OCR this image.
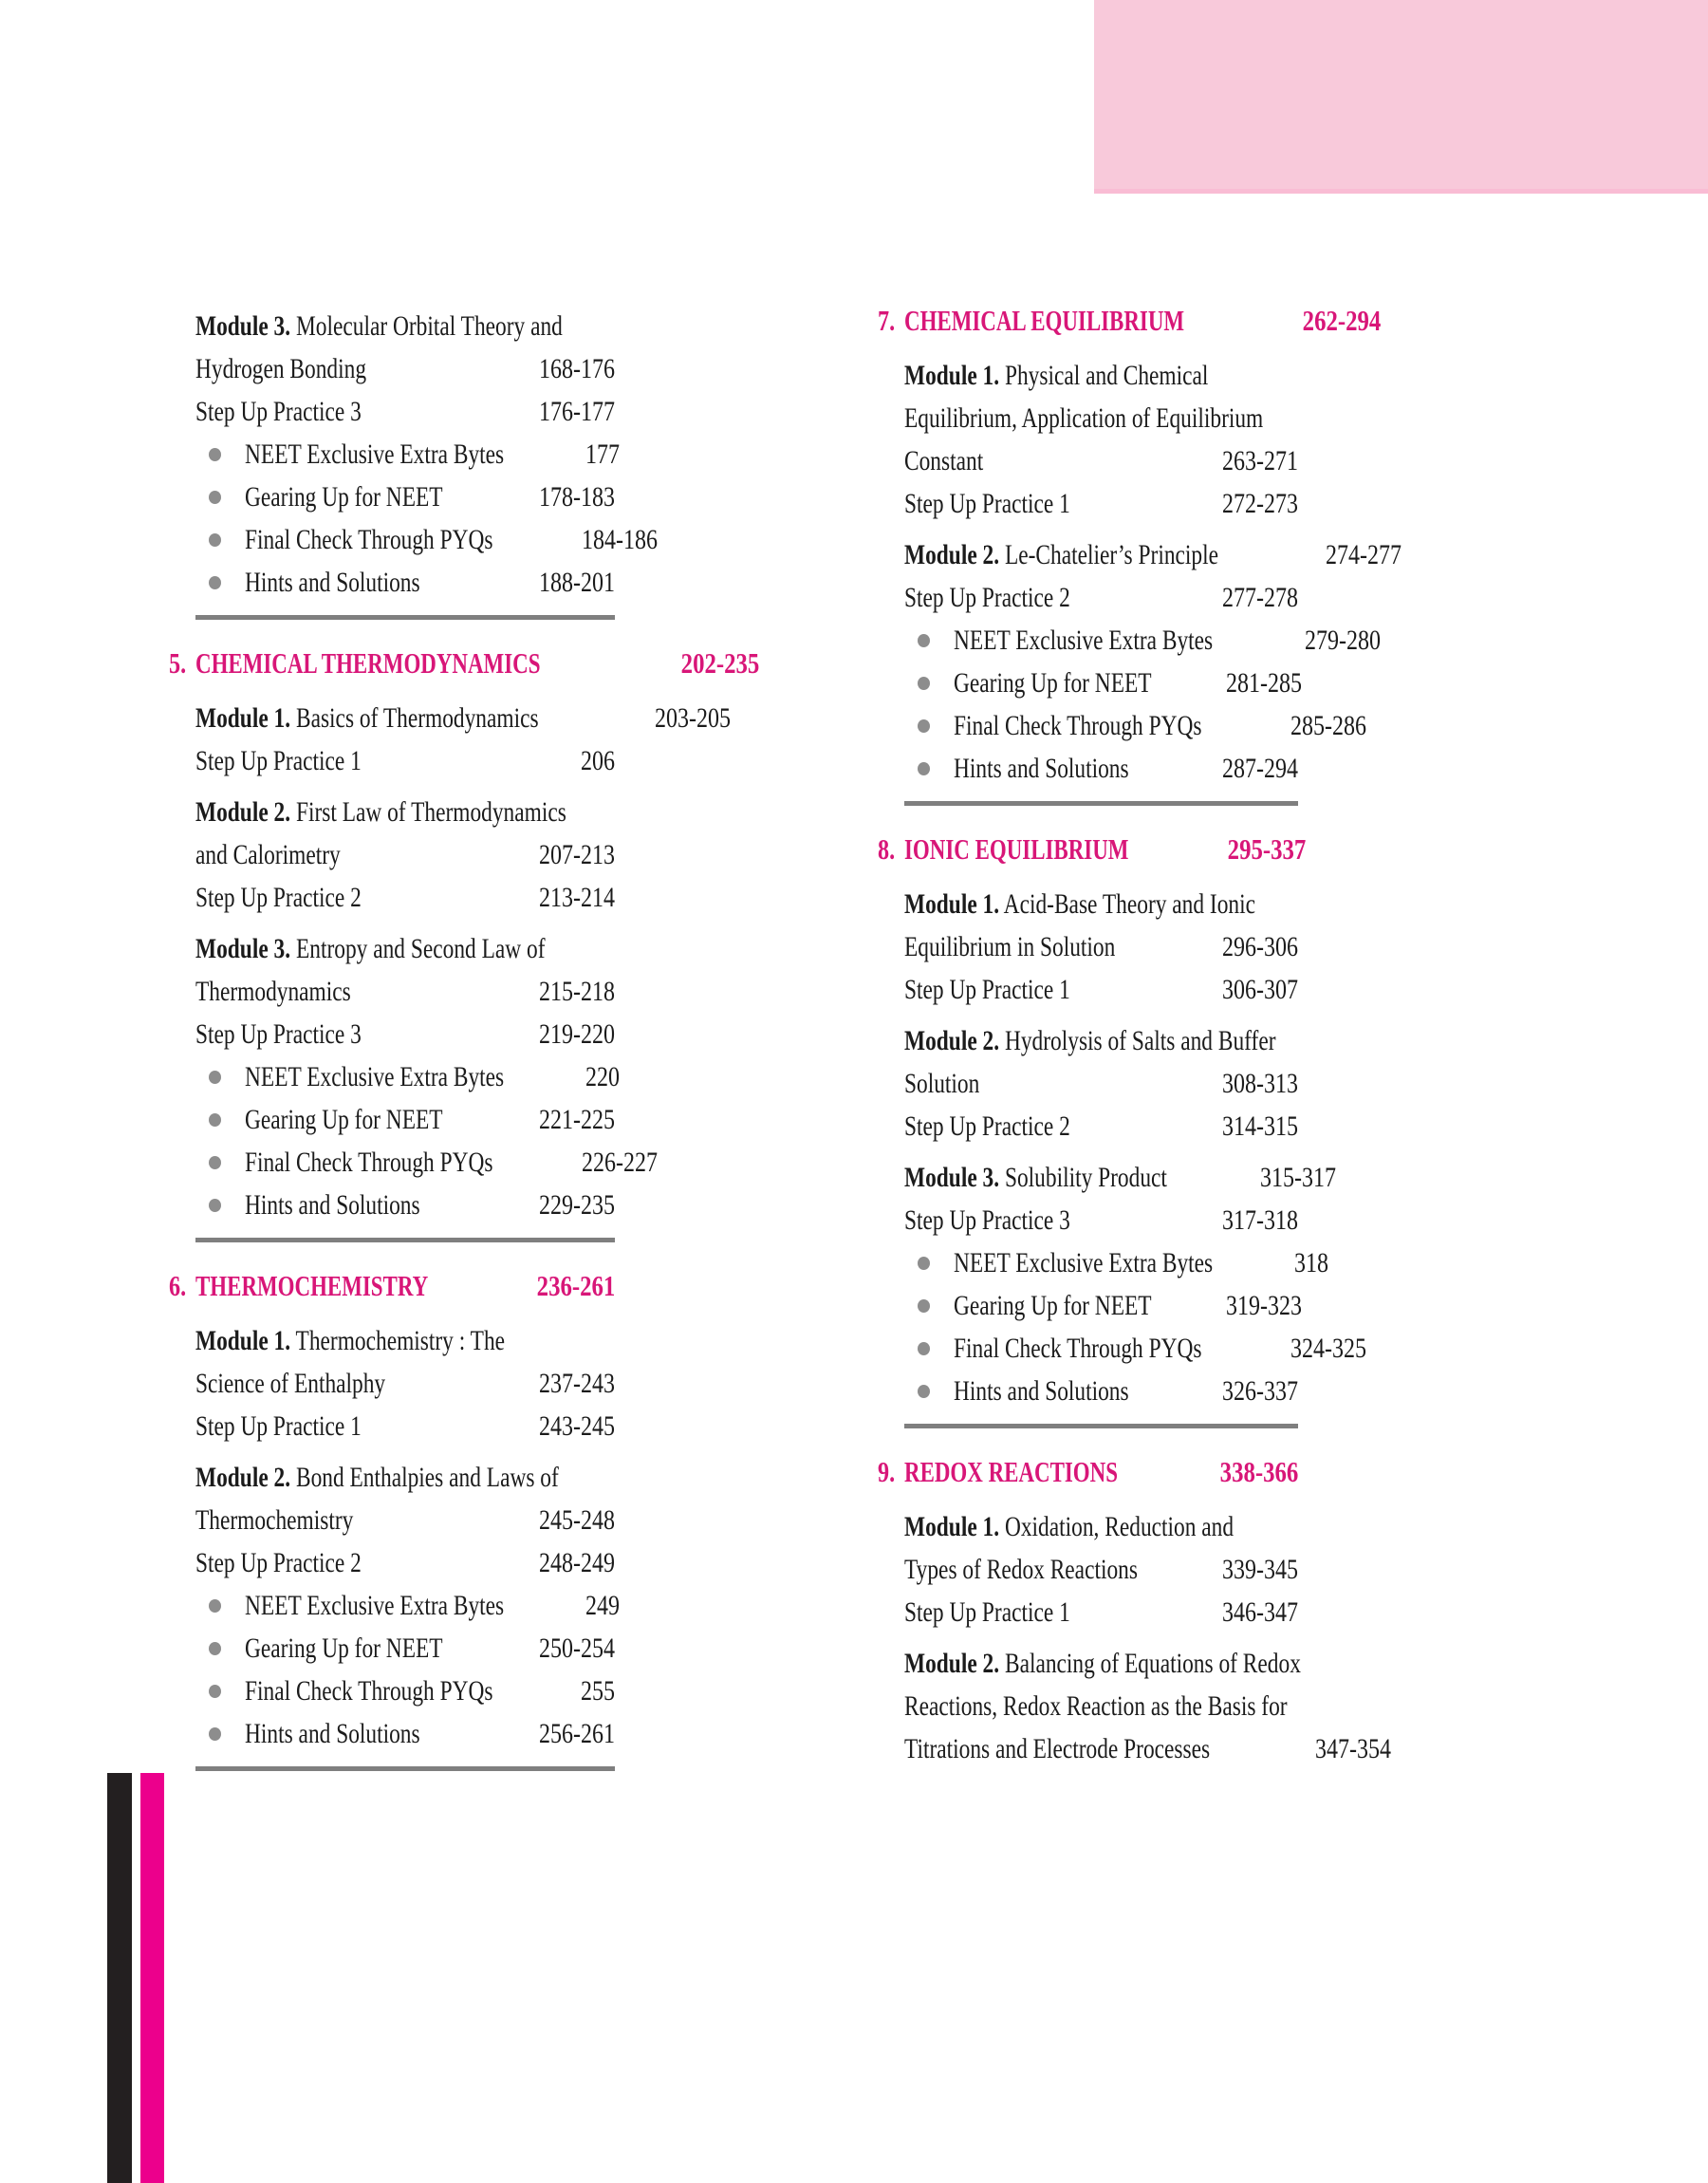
Module 3. Molecular Orbital Theory and
Hydrogen Bonding	168-176
Step Up Practice 3	176-177
NEET Exclusive Extra Bytes	177
Gearing Up for NEET	178-183
Final Check Through PYQs	184-186
Hints and Solutions	188-201
5. CHEMICAL THERMODYNAMICS	202-235
Module 1. Basics of Thermodynamics	203-205
Step Up Practice 1	206
Module 2. First Law of Thermodynamics
and Calorimetry	207-213
Step Up Practice 2	213-214
Module 3. Entropy and Second Law of
Thermodynamics	215-218
Step Up Practice 3	219-220
NEET Exclusive Extra Bytes	220
Gearing Up for NEET	221-225
Final Check Through PYQs	226-227
Hints and Solutions	229-235
6. THERMOCHEMISTRY	236-261
Module 1. Thermochemistry : The
Science of Enthalphy	237-243
Step Up Practice 1	243-245
Module 2. Bond Enthalpies and Laws of
Thermochemistry	245-248
Step Up Practice 2	248-249
NEET Exclusive Extra Bytes	249
Gearing Up for NEET	250-254
Final Check Through PYQs	255
Hints and Solutions	256-261
7. CHEMICAL EQUILIBRIUM	262-294
Module 1. Physical and Chemical
Equilibrium, Application of Equilibrium
Constant	263-271
Step Up Practice 1	272-273
Module 2. Le-Chatelier’s Principle	274-277
Step Up Practice 2	277-278
NEET Exclusive Extra Bytes	279-280
Gearing Up for NEET	281-285
Final Check Through PYQs	285-286
Hints and Solutions	287-294
8. IONIC EQUILIBRIUM	295-337
Module 1. Acid-Base Theory and Ionic
Equilibrium in Solution	296-306
Step Up Practice 1	306-307
Module 2. Hydrolysis of Salts and Buffer
Solution	308-313
Step Up Practice 2	314-315
Module 3. Solubility Product	315-317
Step Up Practice 3	317-318
NEET Exclusive Extra Bytes	318
Gearing Up for NEET	319-323
Final Check Through PYQs	324-325
Hints and Solutions	326-337
9. REDOX REACTIONS	338-366
Module 1. Oxidation, Reduction and
Types of Redox Reactions	339-345
Step Up Practice 1	346-347
Module 2. Balancing of Equations of Redox
Reactions, Redox Reaction as the Basis for
Titrations and Electrode Processes	347-354
